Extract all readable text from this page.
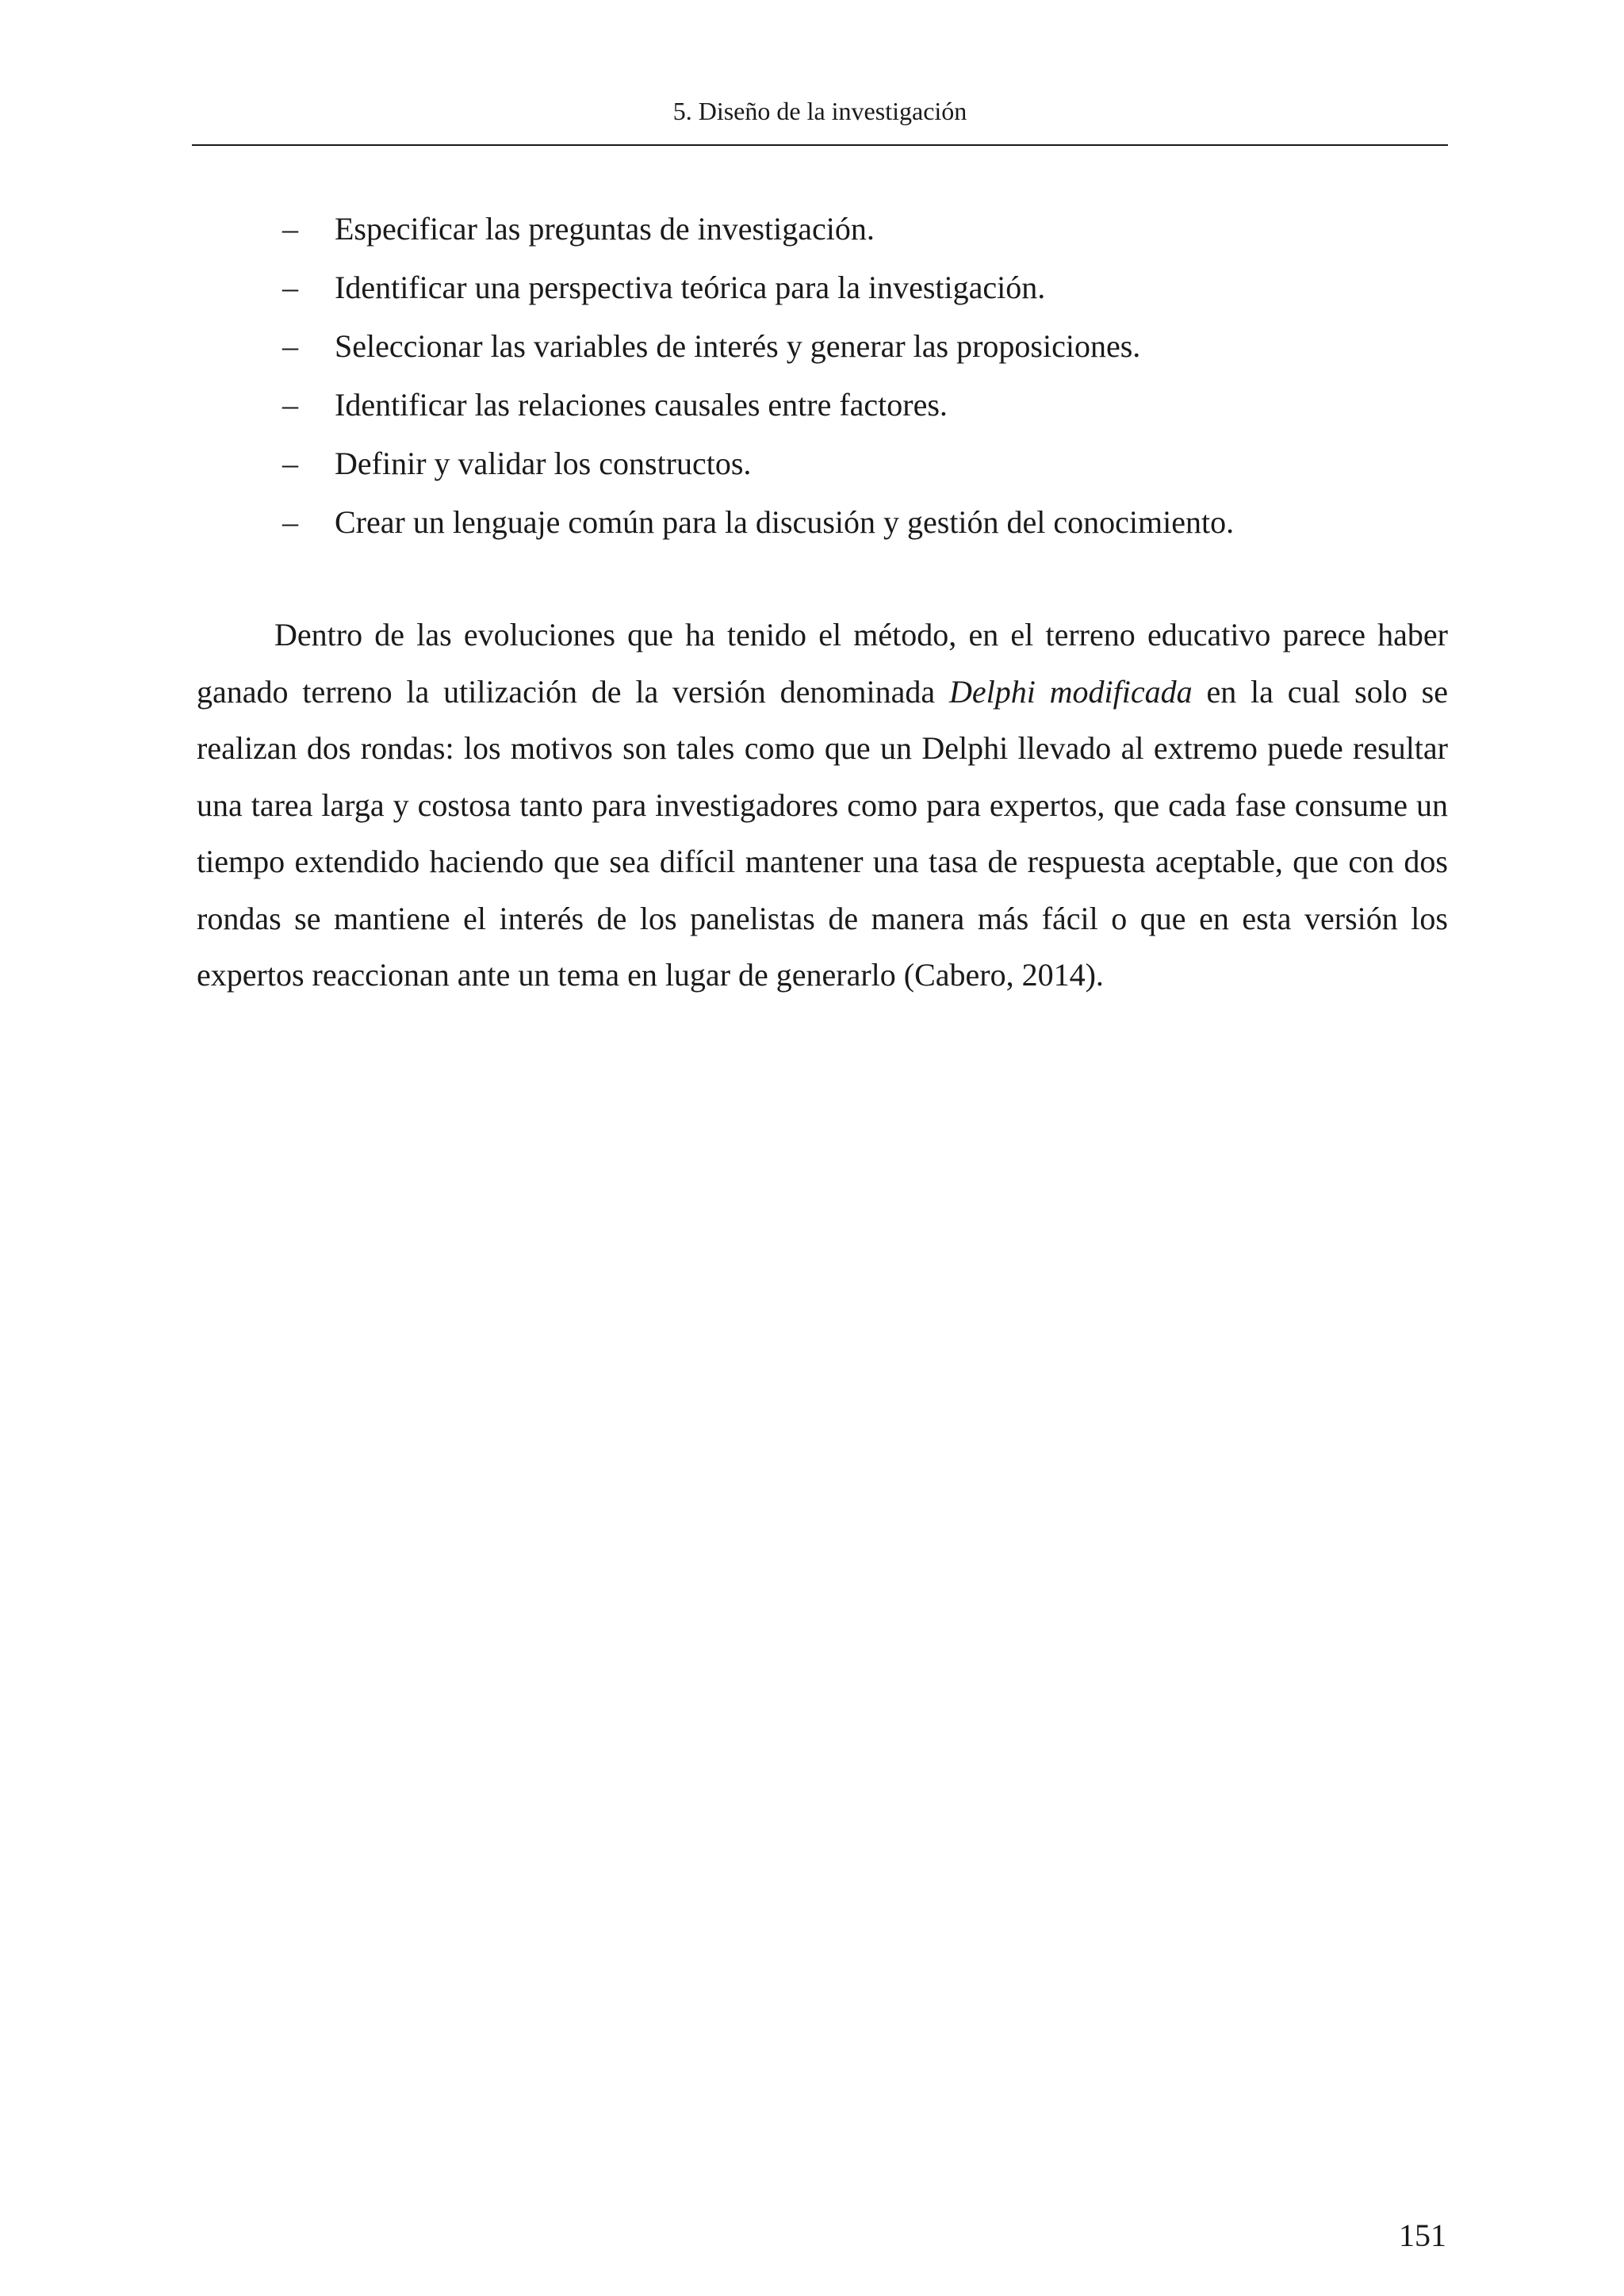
5. Diseño de la investigación
– Especificar las preguntas de investigación.
– Identificar una perspectiva teórica para la investigación.
– Seleccionar las variables de interés y generar las proposiciones.
– Identificar las relaciones causales entre factores.
– Definir y validar los constructos.
– Crear un lenguaje común para la discusión y gestión del conocimiento.

Dentro de las evoluciones que ha tenido el método, en el terreno educativo parece haber ganado terreno la utilización de la versión denominada Delphi modificada en la cual solo se realizan dos rondas: los motivos son tales como que un Delphi llevado al extremo puede resultar una tarea larga y costosa tanto para investigadores como para expertos, que cada fase consume un tiempo extendido haciendo que sea difícil mantener una tasa de respuesta aceptable, que con dos rondas se mantiene el interés de los panelistas de manera más fácil o que en esta versión los expertos reaccionan ante un tema en lugar de generarlo (Cabero, 2014).

151
